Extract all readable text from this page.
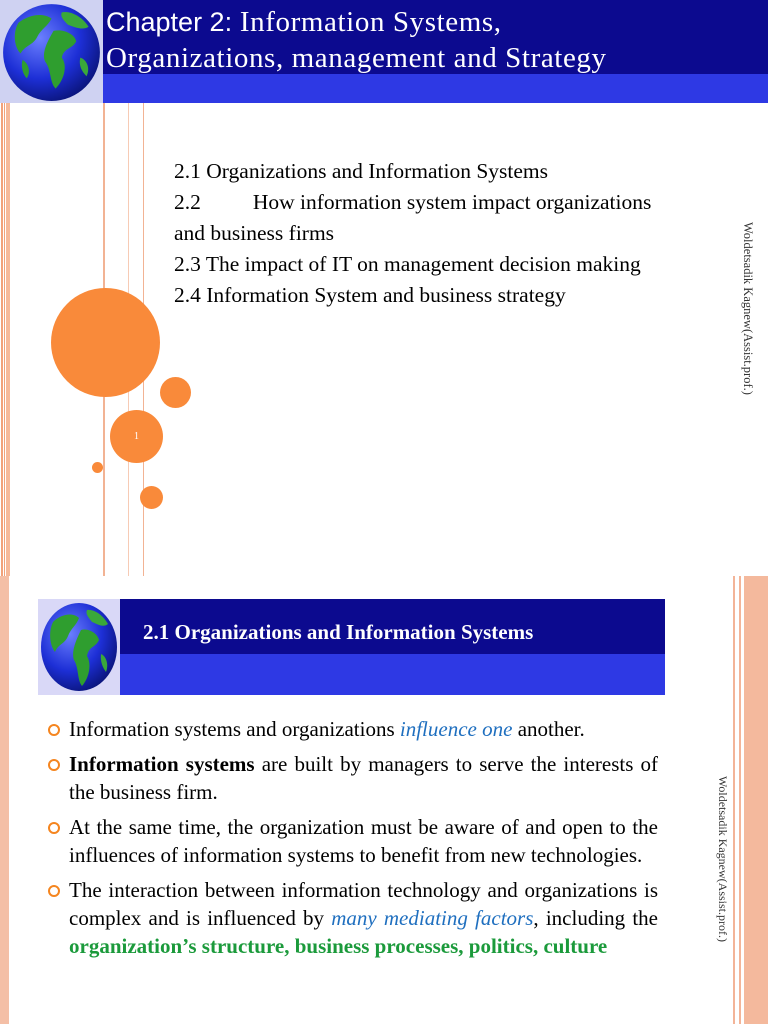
Chapter 2: Information Systems,
Organizations, management and Strategy
2.1 Organizations and Information Systems
2.2 How information system impact organizations
and business firms
2.3 The impact of IT on management decision making
2.4 Information System and business strategy	Woldetsadik Kagnew(Assist.prof.)
1
2.1 Organizations and Information Systems
Information systems and organizations influence one another.
Information systems are built by managers to serve the interests of the business firm.
At the same time, the organization must be aware of and open to the influences of information systems to benefit from new technologies.
The interaction between information technology and organizations is complex and is influenced by many mediating factors, including the organization’s structure, business processes, politics, culture
Woldetsadik Kagnew(Assist.prof.)
